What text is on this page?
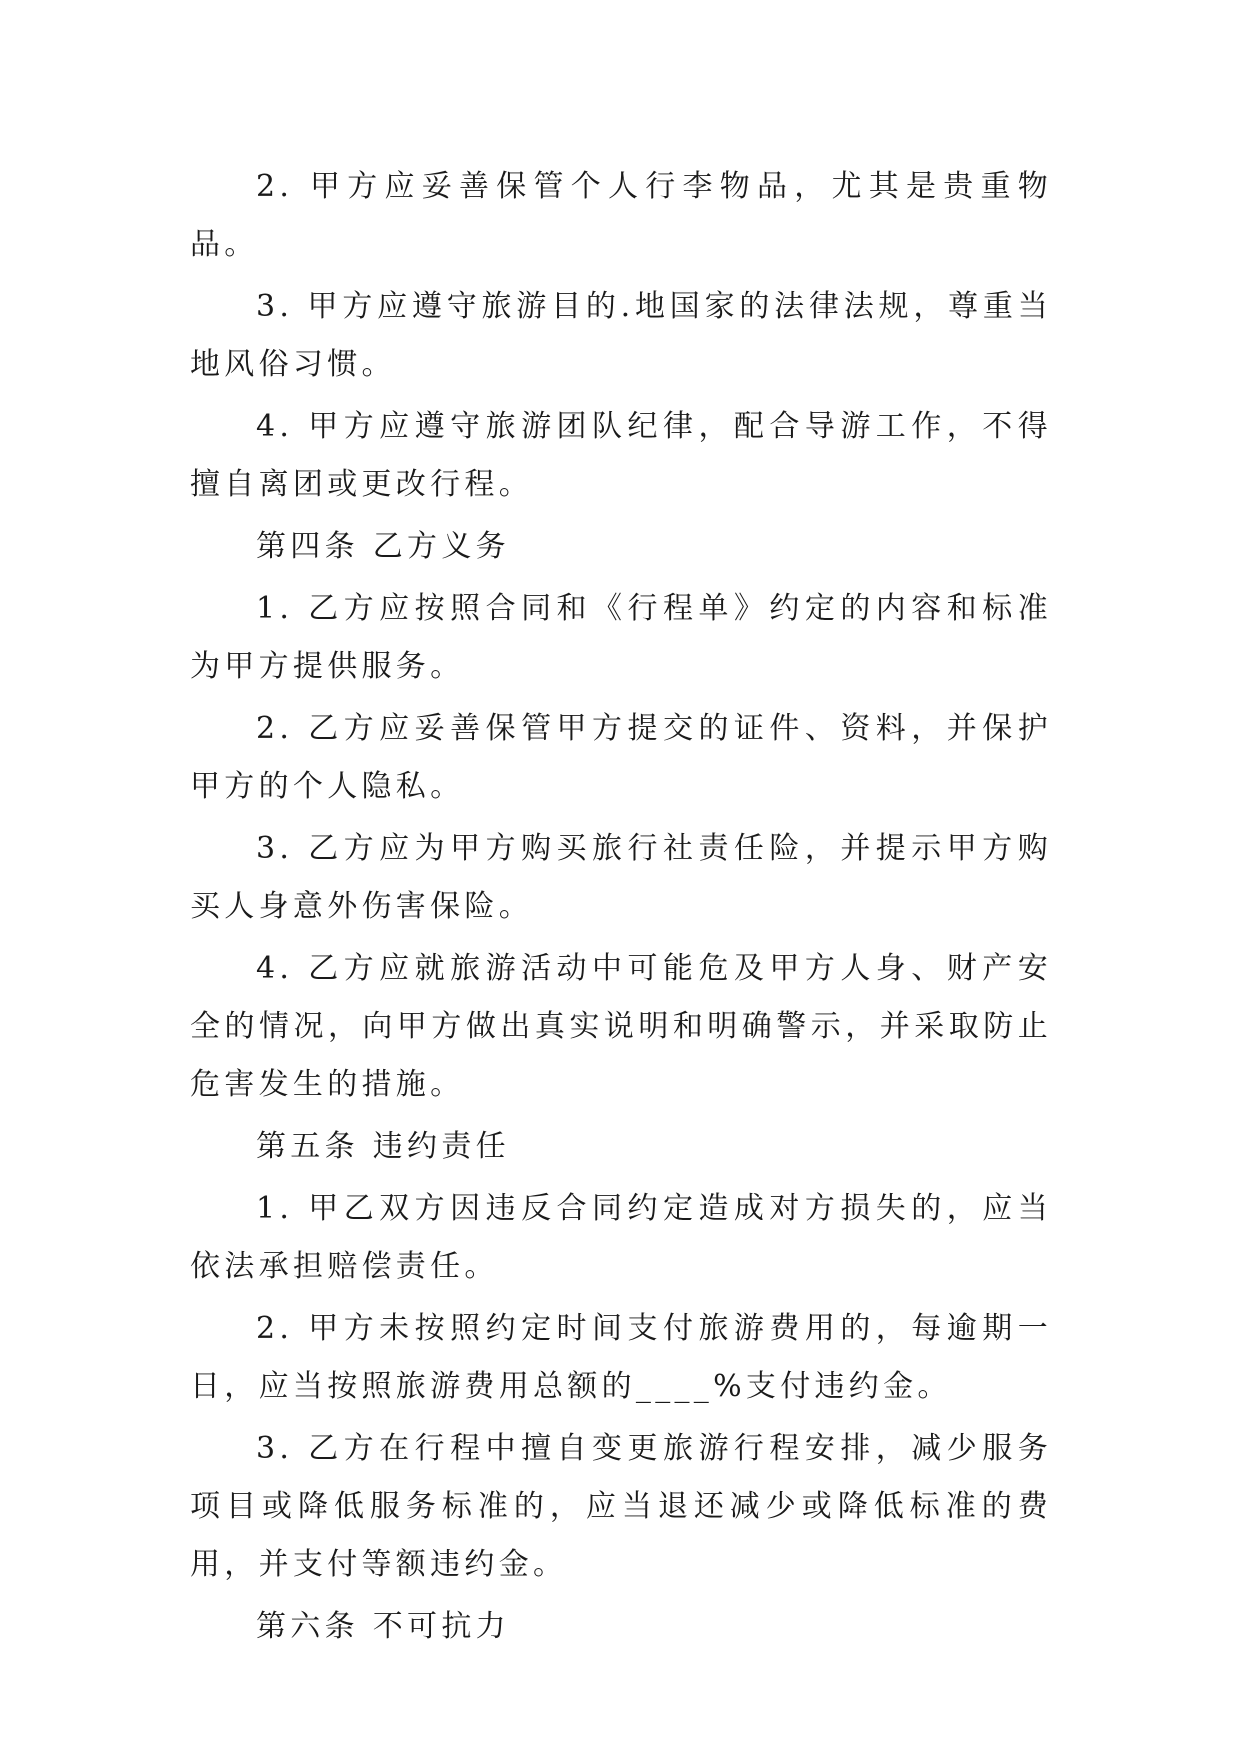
2. 甲方应妥善保管个人行李物品，尤其是贵重物品。

3. 甲方应遵守旅游目的.地国家的法律法规，尊重当地风俗习惯。

4. 甲方应遵守旅游团队纪律，配合导游工作，不得擅自离团或更改行程。

第四条 乙方义务

1. 乙方应按照合同和《行程单》约定的内容和标准为甲方提供服务。

2. 乙方应妥善保管甲方提交的证件、资料，并保护甲方的个人隐私。

3. 乙方应为甲方购买旅行社责任险，并提示甲方购买人身意外伤害保险。

4. 乙方应就旅游活动中可能危及甲方人身、财产安全的情况，向甲方做出真实说明和明确警示，并采取防止危害发生的措施。

第五条 违约责任

1. 甲乙双方因违反合同约定造成对方损失的，应当依法承担赔偿责任。

2. 甲方未按照约定时间支付旅游费用的，每逾期一日，应当按照旅游费用总额的____%支付违约金。

3. 乙方在行程中擅自变更旅游行程安排，减少服务项目或降低服务标准的，应当退还减少或降低标准的费用，并支付等额违约金。

第六条 不可抗力
